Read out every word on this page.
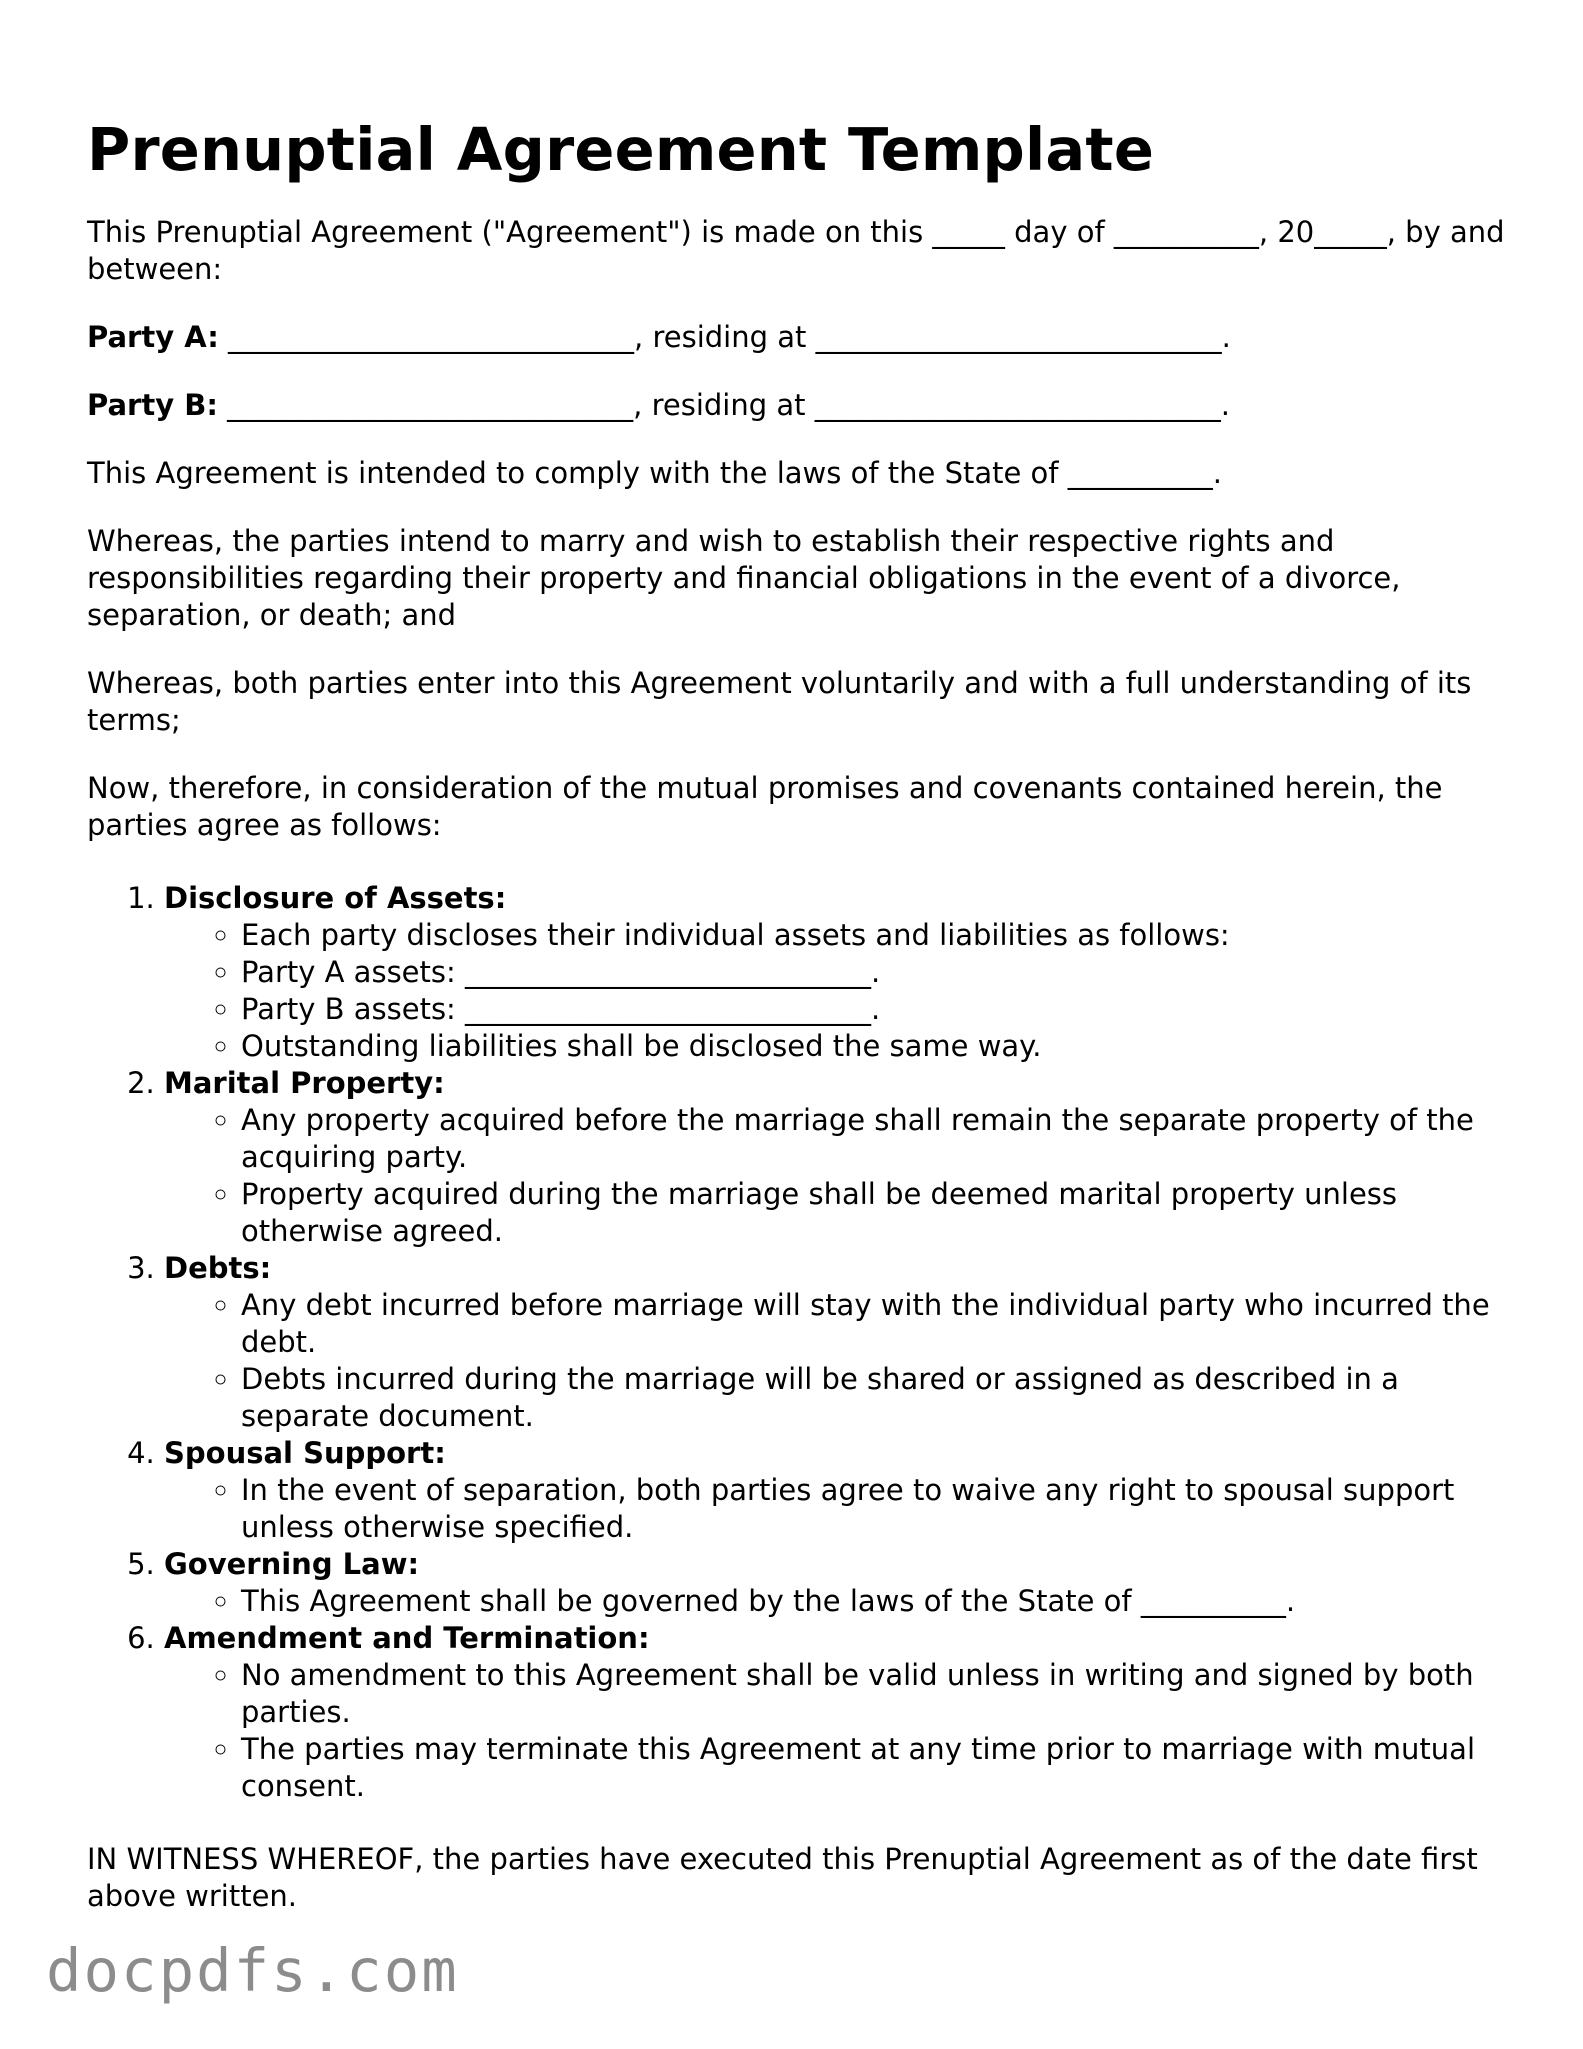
Prenuptial Agreement Template

This Prenuptial Agreement ("Agreement") is made on this _____ day of __________, 20_____, by and between:

Party A: ____________________________, residing at ____________________________.

Party B: ____________________________, residing at ____________________________.

This Agreement is intended to comply with the laws of the State of __________.

Whereas, the parties intend to marry and wish to establish their respective rights and responsibilities regarding their property and financial obligations in the event of a divorce, separation, or death; and

Whereas, both parties enter into this Agreement voluntarily and with a full understanding of its terms;

Now, therefore, in consideration of the mutual promises and covenants contained herein, the parties agree as follows:

1. Disclosure of Assets:
◦ Each party discloses their individual assets and liabilities as follows:
◦ Party A assets: ____________________________.
◦ Party B assets: ____________________________.
◦ Outstanding liabilities shall be disclosed the same way.
2. Marital Property:
◦ Any property acquired before the marriage shall remain the separate property of the acquiring party.
◦ Property acquired during the marriage shall be deemed marital property unless otherwise agreed.
3. Debts:
◦ Any debt incurred before marriage will stay with the individual party who incurred the debt.
◦ Debts incurred during the marriage will be shared or assigned as described in a separate document.
4. Spousal Support:
◦ In the event of separation, both parties agree to waive any right to spousal support unless otherwise specified.
5. Governing Law:
◦ This Agreement shall be governed by the laws of the State of __________.
6. Amendment and Termination:
◦ No amendment to this Agreement shall be valid unless in writing and signed by both parties.
◦ The parties may terminate this Agreement at any time prior to marriage with mutual consent.

IN WITNESS WHEREOF, the parties have executed this Prenuptial Agreement as of the date first above written.

docpdfs.com
